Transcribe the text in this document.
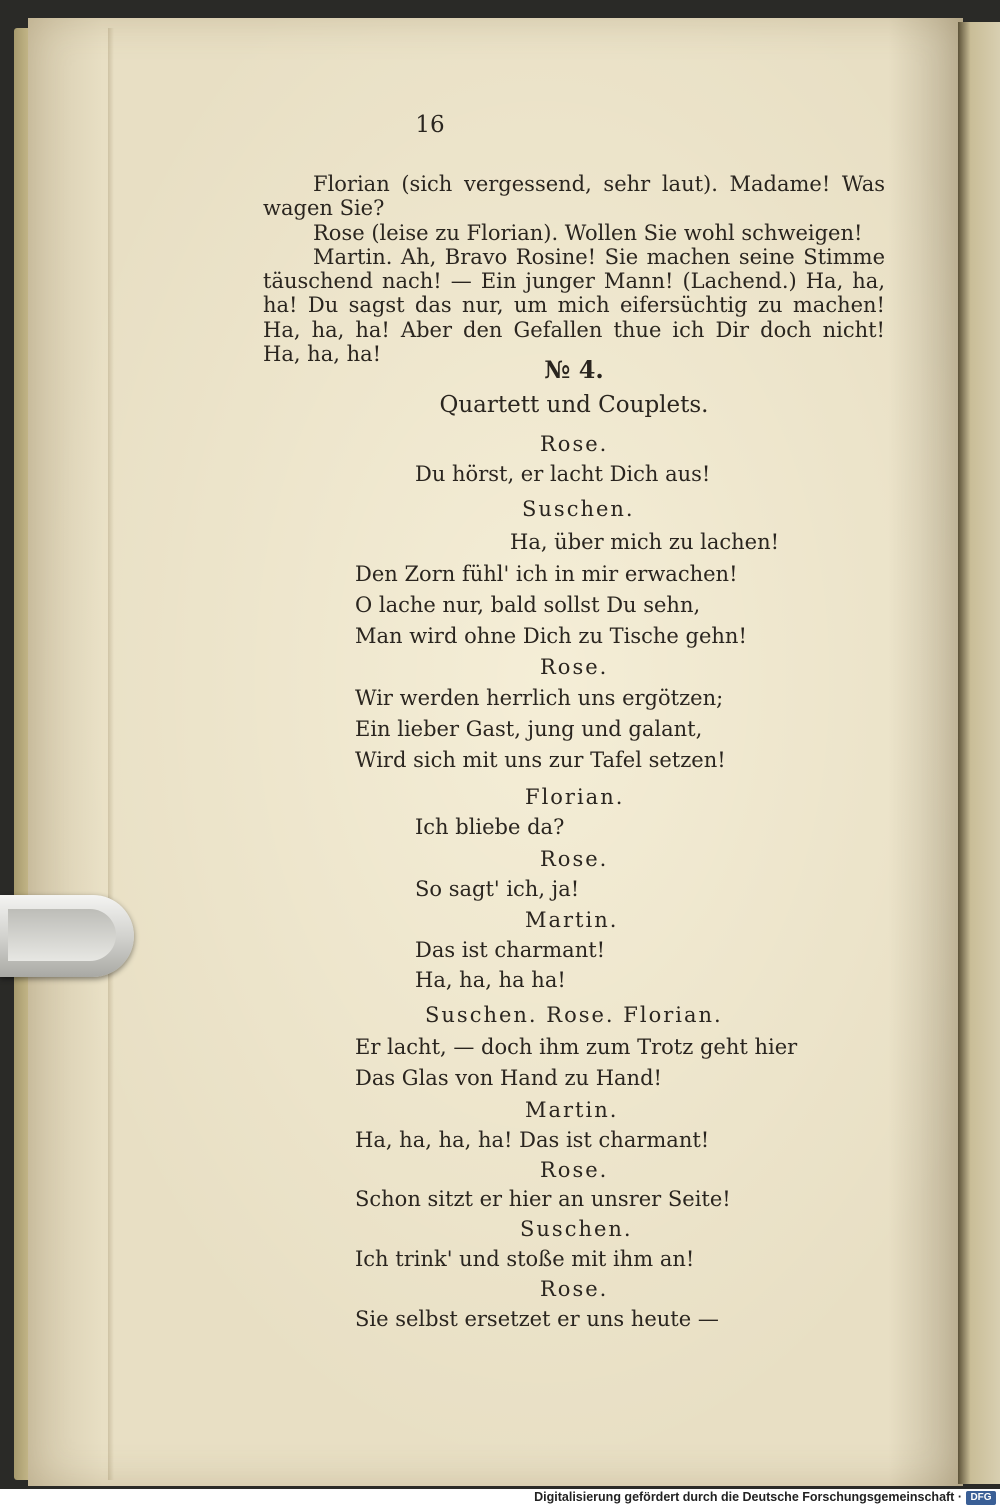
16

Florian (sich vergessend, sehr laut). Madame! Was wagen Sie?

Rose (leise zu Florian). Wollen Sie wohl schweigen!

Martin. Ah, Bravo Rosine! Sie machen seine Stimme täuschend nach! — Ein junger Mann! (Lachend.) Ha, ha, ha! Du sagst das nur, um mich eifersüchtig zu machen! Ha, ha, ha! Aber den Gefallen thue ich Dir doch nicht! Ha, ha, ha!

№ 4.
Quartett und Couplets.
Rose.
Du hörst, er lacht Dich aus!
Suschen.
Ha, über mich zu lachen!
Den Zorn fühl' ich in mir erwachen!
O lache nur, bald sollst Du sehn,
Man wird ohne Dich zu Tische gehn!
Rose.
Wir werden herrlich uns ergötzen;
Ein lieber Gast, jung und galant,
Wird sich mit uns zur Tafel setzen!
Florian.
Ich bliebe da?
Rose.
So sagt' ich, ja!
Martin.
Das ist charmant!
Ha, ha, ha ha!
Suschen. Rose. Florian.
Er lacht, — doch ihm zum Trotz geht hier
Das Glas von Hand zu Hand!
Martin.
Ha, ha, ha, ha! Das ist charmant!
Rose.
Schon sitzt er hier an unsrer Seite!
Suschen.
Ich trink' und stoße mit ihm an!
Rose.
Sie selbst ersetzet er uns heute —
Digitalisierung gefördert durch die Deutsche Forschungsgemeinschaft · DFG
